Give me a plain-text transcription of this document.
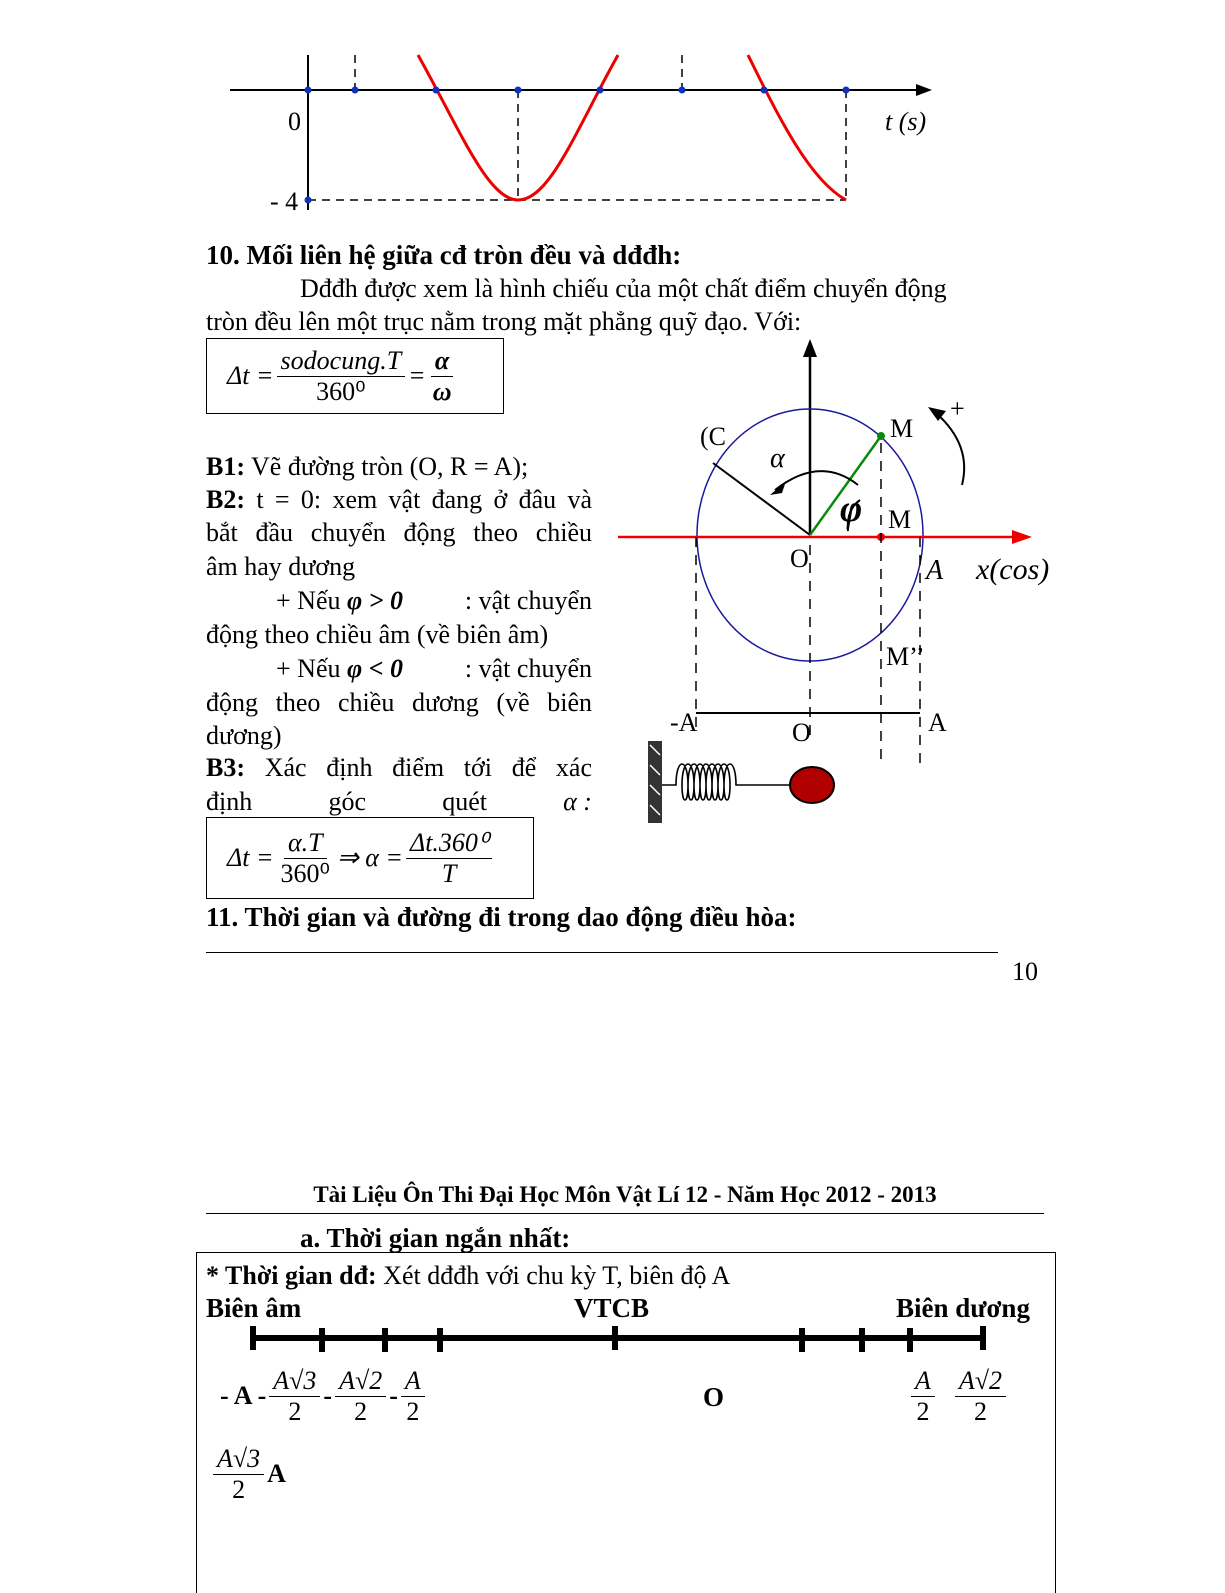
0
- 4
t (s)
10. Mối liên hệ giữa cđ tròn đều và dđđh:
Dđđh được xem là hình chiếu của một chất điểm chuyển động
tròn đều lên một trục nằm trong mặt phẳng quỹ đạo. Với:
Δt =
sodocung.T
360⁰
= $\frac{\alpha}{\omega}$
B1: Vẽ đường tròn (O, R = A);
B2: t = 0: xem vật đang ở đâu và
bắt đầu chuyển động theo chiều
âm hay dương
+ Nếu φ > 0 : vật chuyển
động theo chiều âm (về biên âm)
+ Nếu φ < 0 : vật chuyển
động theo chiều dương (về biên
dương)
B3: Xác định điểm tới để xác
định	góc	quét	α :
$\Delta t = \frac{\alpha.T}{\text{360⁰}}$ ⇒ $\alpha = \frac{\text{Δt.360⁰}}{T}$
(C
α
φ
M
M
M’’
O	A x(cos)
+
-A	O	A
11. Thời gian và đường đi trong dao động điều hòa:
10
Tài Liệu Ôn Thi Đại Học Môn Vật Lí 12 - Năm Học 2012 - 2013
a. Thời gian ngắn nhất:
* Thời gian dđ: Xét dđđh với chu kỳ T, biên độ A
Biên âm	VTCB	Biên dương
- A -
A√3
2
-
A√2
2
-
A
2	O
A
2
A√2
2
A√3
2
A
